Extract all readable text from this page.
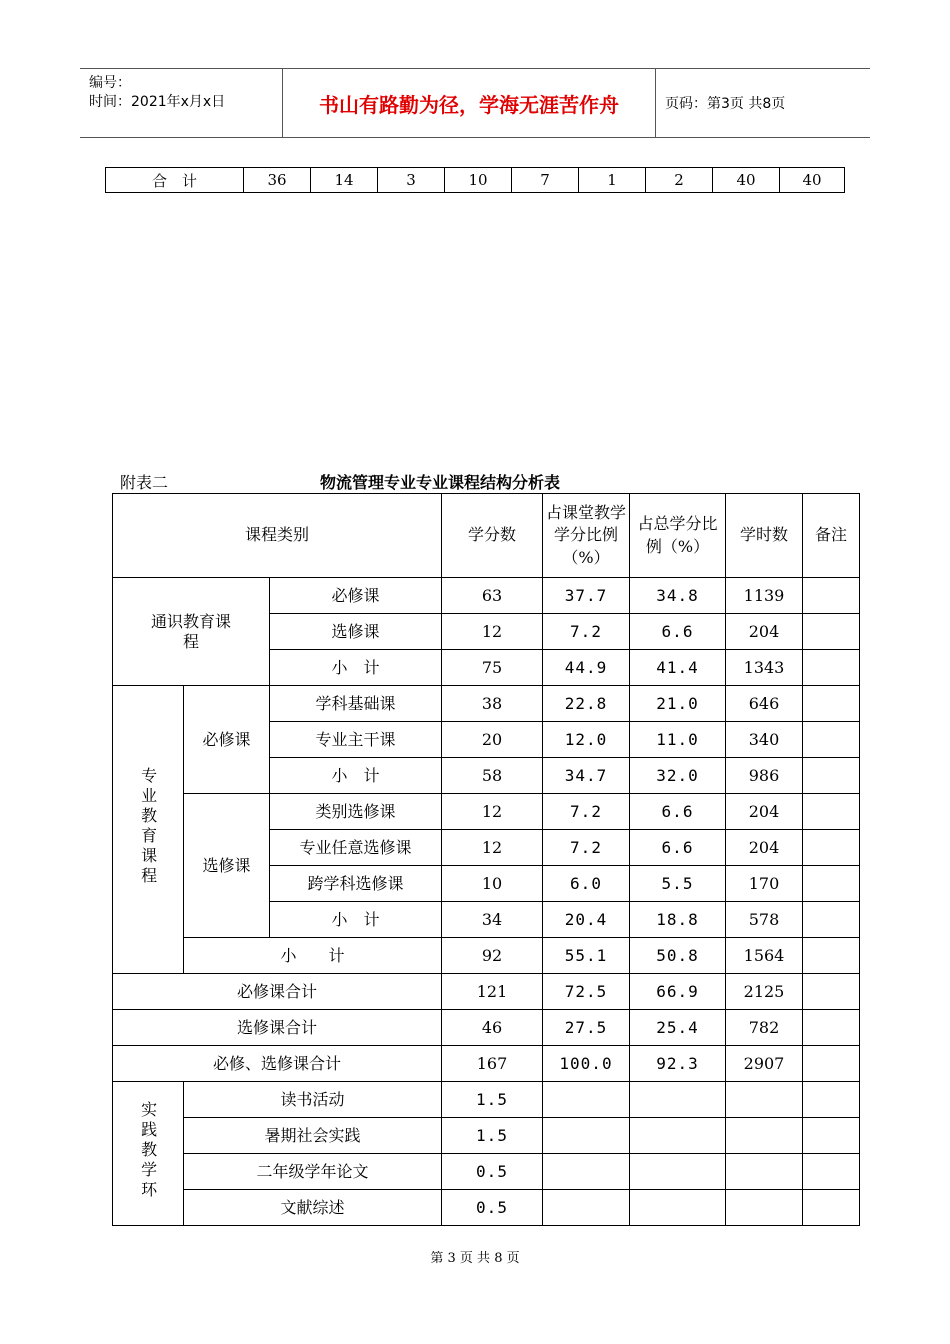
编号：
时间：2021年x月x日	书山有路勤为径，学海无涯苦作舟	页码：第3页 共8页
合　计	36	14	3	10	7	1	2	40	40
附表二	物流管理专业专业课程结构分析表
课程类别			学分数	占课堂教学学分比例（%）	占总学分比例（%）	学时数	备注

通识教育课程		必修课	63	37.7	34.8	1139	
		选修课	12	7.2	6.6	204	
		小　计	75	44.9	41.4	1343	
专业教育课程	必修课	学科基础课	38	22.8	21.0	646	
		专业主干课	20	12.0	11.0	340	
		小　计	58	34.7	32.0	986	
	选修课	类别选修课	12	7.2	6.6	204	
		专业任意选修课	12	7.2	6.6	204	
		跨学科选修课	10	6.0	5.5	170	
		小　计	34	20.4	18.8	578	
	小　　计		92	55.1	50.8	1564	
必修课合计			121	72.5	66.9	2125	
选修课合计			46	27.5	25.4	782	
必修、选修课合计			167	100.0	92.3	2907	
实践教学环	读书活动		1.5				
	暑期社会实践		1.5				
	二年级学年论文		0.5				
	文献综述		0.5				
第 3 页 共 8 页
